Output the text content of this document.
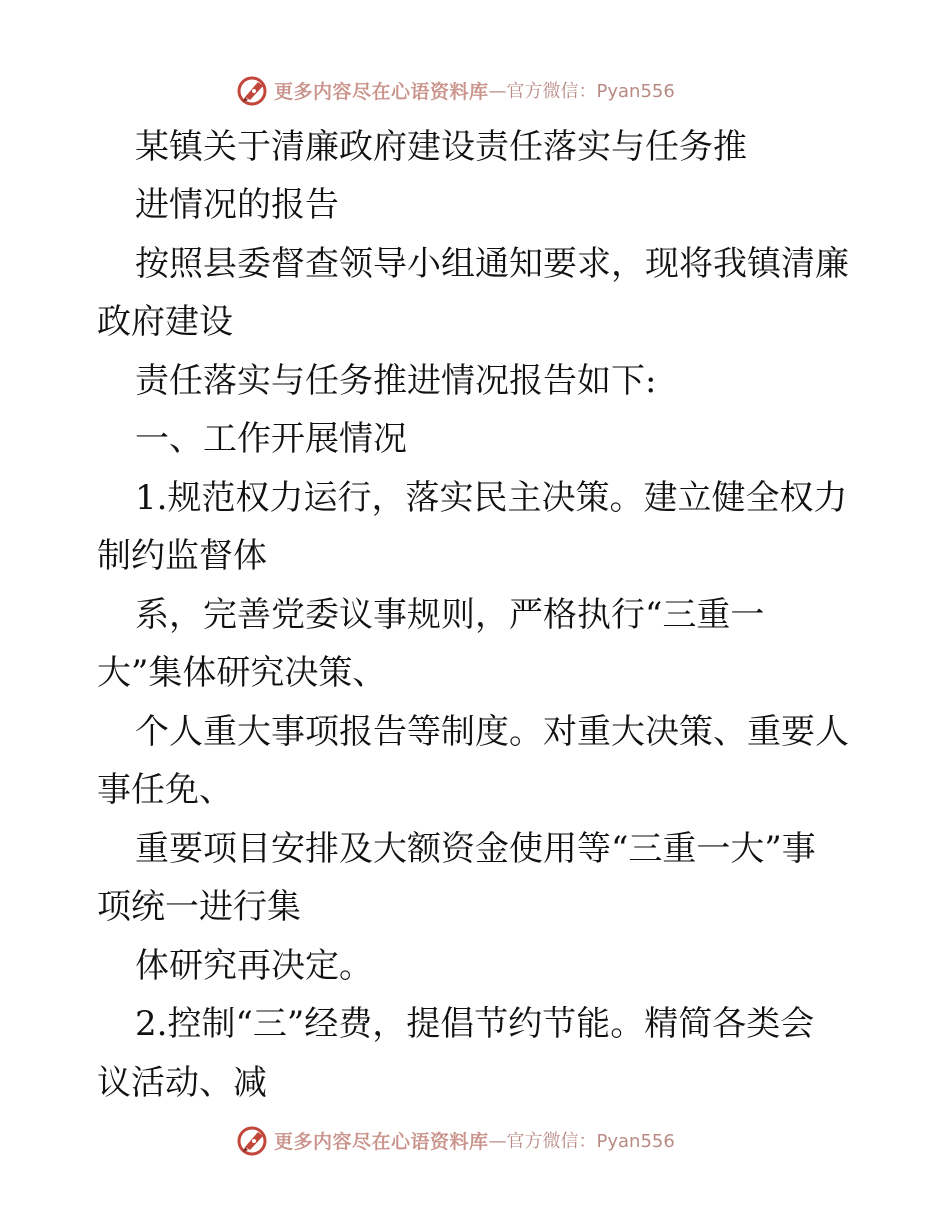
更多内容尽在心语资料库 —官方微信：Pyan556
某镇关于清廉政府建设责任落实与任务推
进情况的报告
按照县委督查领导小组通知要求，现将我镇清廉
政府建设
责任落实与任务推进情况报告如下:
一、工作开展情况
1.规范权力运行，落实民主决策。建立健全权力
制约监督体
系，完善党委议事规则，严格执行“三重一
大”集体研究决策、
个人重大事项报告等制度。对重大决策、重要人
事任免、
重要项目安排及大额资金使用等“三重一大”事
项统一进行集
体研究再决定。
2.控制“三”经费，提倡节约节能。精简各类会
议活动、减
更多内容尽在心语资料库 —官方微信：Pyan556
